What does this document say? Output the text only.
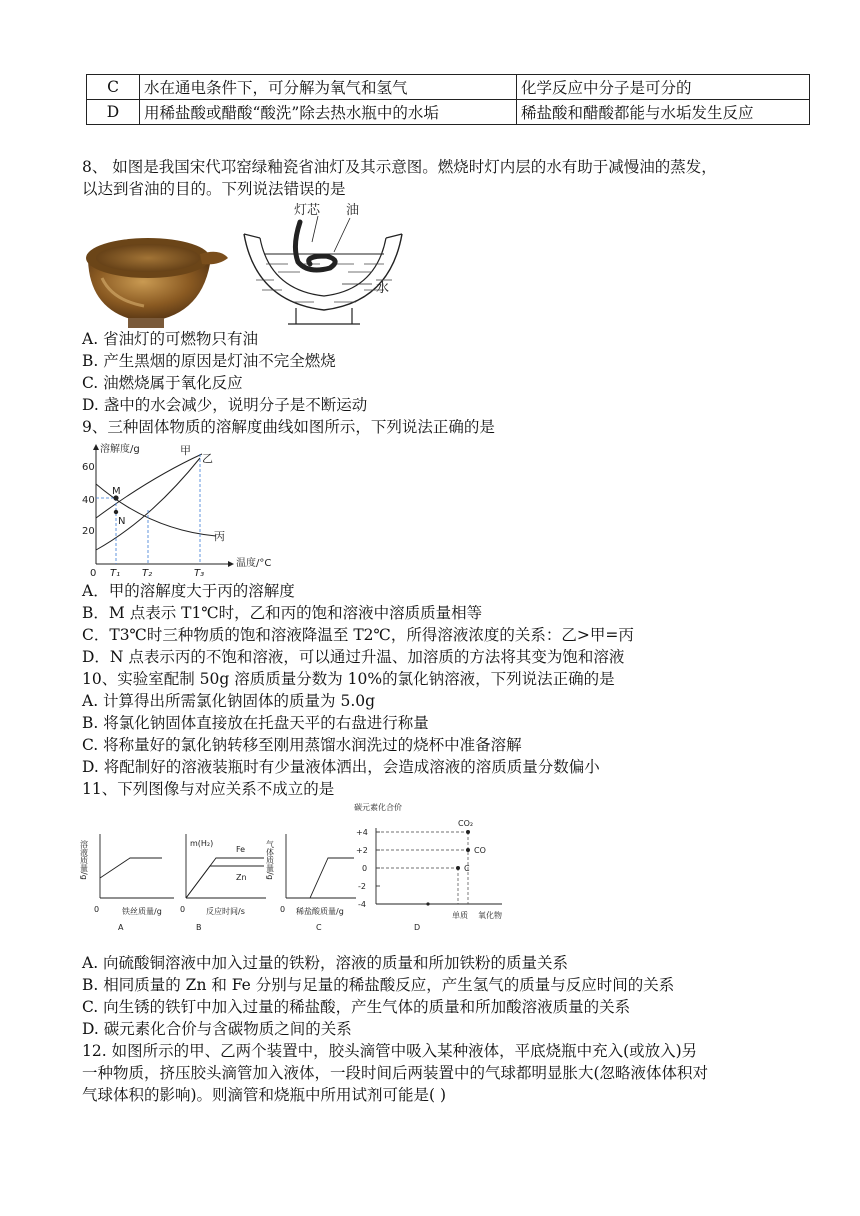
C	水在通电条件下，可分解为氧气和氢气	化学反应中分子是可分的
D	用稀盐酸或醋酸“酸洗”除去热水瓶中的水垢	稀盐酸和醋酸都能与水垢发生反应
8、 如图是我国宋代邛窑绿釉瓷省油灯及其示意图。燃烧时灯内层的水有助于减慢油的蒸发，
以达到省油的目的。下列说法错误的是
灯芯 油
水
A. 省油灯的可燃物只有油
B. 产生黑烟的原因是灯油不完全燃烧
C. 油燃烧属于氧化反应
D. 盏中的水会减少，说明分子是不断运动
9、三种固体物质的溶解度曲线如图所示，下列说法正确的是
溶解度/g
温度/°C
60
40
20
0 T₁ T₂	T₃
M
N
甲
乙
丙
A．甲的溶解度大于丙的溶解度
B．M 点表示 T1℃时，乙和丙的饱和溶液中溶质质量相等
C．T3℃时三种物质的饱和溶液降温至 T2℃，所得溶液浓度的关系：乙>甲=丙
D．N 点表示丙的不饱和溶液，可以通过升温、加溶质的方法将其变为饱和溶液
10、实验室配制 50g 溶质质量分数为 10%的氯化钠溶液，下列说法正确的是
A. 计算得出所需氯化钠固体的质量为 5.0g
B. 将氯化钠固体直接放在托盘天平的右盘进行称量
C. 将称量好的氯化钠转移至刚用蒸馏水润洗过的烧杯中准备溶解
D. 将配制好的溶液装瓶时有少量液体洒出，会造成溶液的溶质质量分数偏小
11、下列图像与对应关系不成立的是
溶液质量/g
0	铁丝质量/g
A
m(H₂)
Fe
Zn
0	反应时间/s
B
气体质量/g
0 稀盐酸质量/g
C
碳元素化合价
+4
+2
0
-2
-4
CO₂
CO
C
单质 氧化物
D
A. 向硫酸铜溶液中加入过量的铁粉，溶液的质量和所加铁粉的质量关系
B. 相同质量的 Zn 和 Fe 分别与足量的稀盐酸反应，产生氢气的质量与反应时间的关系
C. 向生锈的铁钉中加入过量的稀盐酸，产生气体的质量和所加酸溶液质量的关系
D. 碳元素化合价与含碳物质之间的关系
12. 如图所示的甲、乙两个装置中，胶头滴管中吸入某种液体，平底烧瓶中充入(或放入)另
一种物质，挤压胶头滴管加入液体，一段时间后两装置中的气球都明显胀大(忽略液体体积对
气球体积的影响)。则滴管和烧瓶中所用试剂可能是( )
